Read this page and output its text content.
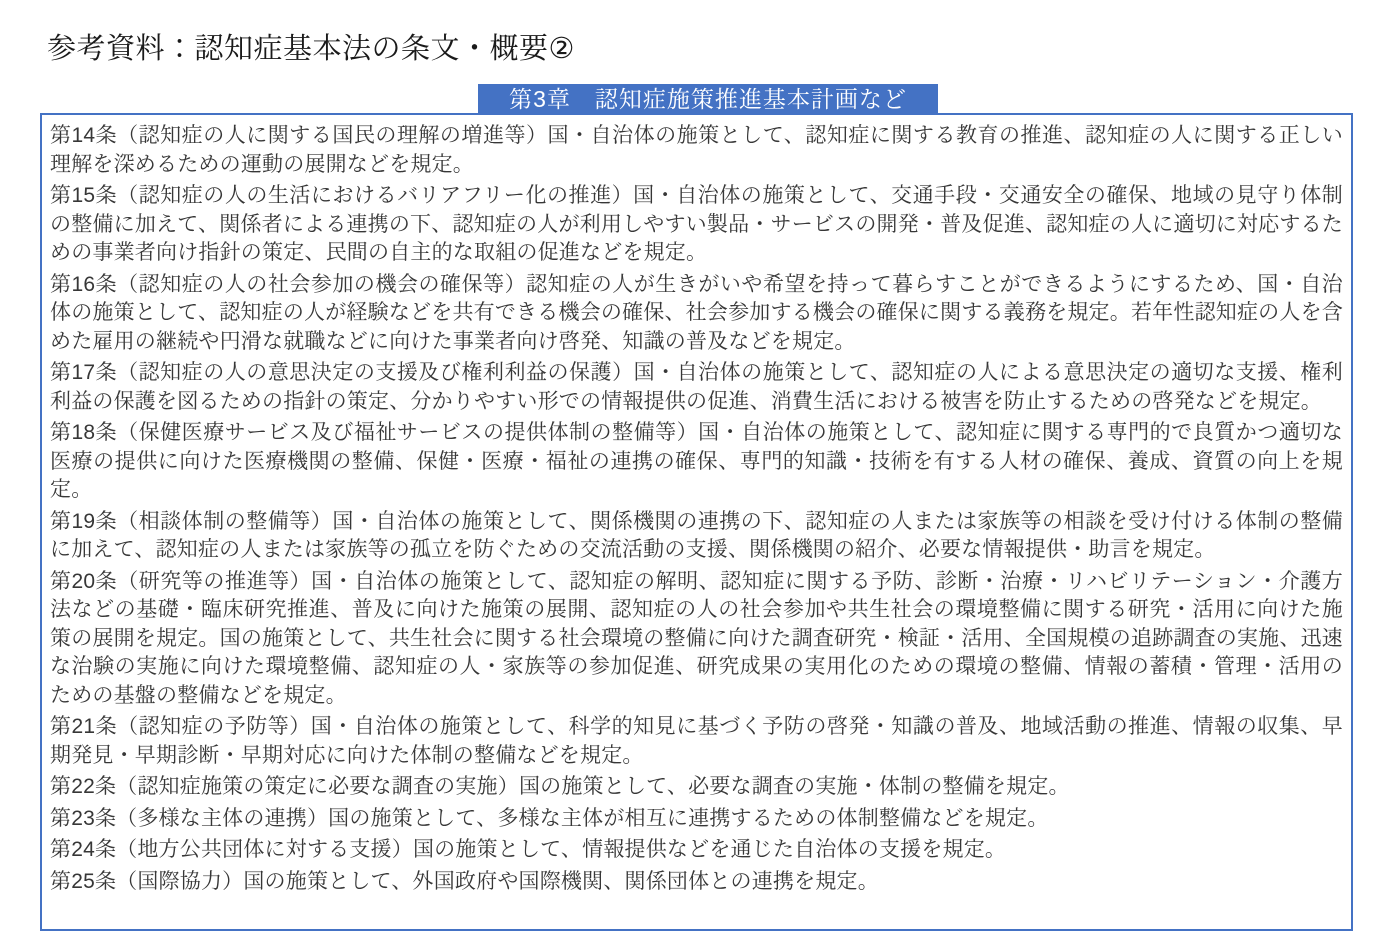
参考資料：認知症基本法の条文・概要②
第3章　認知症施策推進基本計画など

第14条（認知症の人に関する国民の理解の増進等）国・自治体の施策として、認知症に関する教育の推進、認知症の人に関する正しい理解を深めるための運動の展開などを規定。

第15条（認知症の人の生活におけるバリアフリー化の推進）国・自治体の施策として、交通手段・交通安全の確保、地域の見守り体制の整備に加えて、関係者による連携の下、認知症の人が利用しやすい製品・サービスの開発・普及促進、認知症の人に適切に対応するための事業者向け指針の策定、民間の自主的な取組の促進などを規定。

第16条（認知症の人の社会参加の機会の確保等）認知症の人が生きがいや希望を持って暮らすことができるようにするため、国・自治体の施策として、認知症の人が経験などを共有できる機会の確保、社会参加する機会の確保に関する義務を規定。若年性認知症の人を含めた雇用の継続や円滑な就職などに向けた事業者向け啓発、知識の普及などを規定。

第17条（認知症の人の意思決定の支援及び権利利益の保護）国・自治体の施策として、認知症の人による意思決定の適切な支援、権利利益の保護を図るための指針の策定、分かりやすい形での情報提供の促進、消費生活における被害を防止するための啓発などを規定。

第18条（保健医療サービス及び福祉サービスの提供体制の整備等）国・自治体の施策として、認知症に関する専門的で良質かつ適切な医療の提供に向けた医療機関の整備、保健・医療・福祉の連携の確保、専門的知識・技術を有する人材の確保、養成、資質の向上を規定。

第19条（相談体制の整備等）国・自治体の施策として、関係機関の連携の下、認知症の人または家族等の相談を受け付ける体制の整備に加えて、認知症の人または家族等の孤立を防ぐための交流活動の支援、関係機関の紹介、必要な情報提供・助言を規定。

第20条（研究等の推進等）国・自治体の施策として、認知症の解明、認知症に関する予防、診断・治療・リハビリテーション・介護方法などの基礎・臨床研究推進、普及に向けた施策の展開、認知症の人の社会参加や共生社会の環境整備に関する研究・活用に向けた施策の展開を規定。国の施策として、共生社会に関する社会環境の整備に向けた調査研究・検証・活用、全国規模の追跡調査の実施、迅速な治験の実施に向けた環境整備、認知症の人・家族等の参加促進、研究成果の実用化のための環境の整備、情報の蓄積・管理・活用のための基盤の整備などを規定。

第21条（認知症の予防等）国・自治体の施策として、科学的知見に基づく予防の啓発・知識の普及、地域活動の推進、情報の収集、早期発見・早期診断・早期対応に向けた体制の整備などを規定。

第22条（認知症施策の策定に必要な調査の実施）国の施策として、必要な調査の実施・体制の整備を規定。

第23条（多様な主体の連携）国の施策として、多様な主体が相互に連携するための体制整備などを規定。

第24条（地方公共団体に対する支援）国の施策として、情報提供などを通じた自治体の支援を規定。

第25条（国際協力）国の施策として、外国政府や国際機関、関係団体との連携を規定。
